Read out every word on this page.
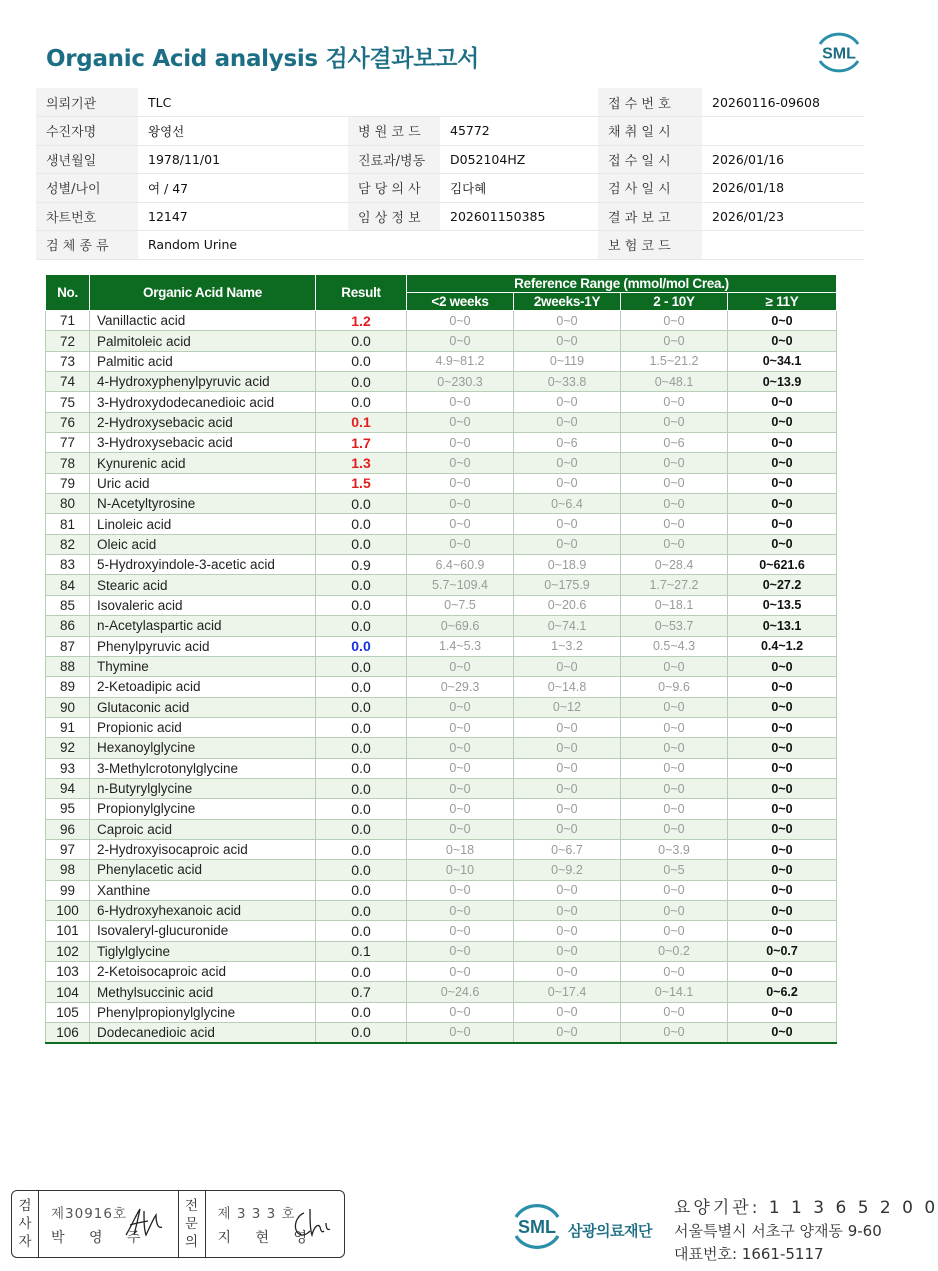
Organic Acid analysis 검사결과보고서	SML
의뢰기관	TLC			접 수 번 호	20260116-09608
수진자명	왕영선	병 원 코 드	45772	채 취 일 시	
생년월일	1978/11/01	진료과/병동	D052104HZ	접 수 일 시	2026/01/16
성별/나이	여 / 47	담 당 의 사	김다혜	검 사 일 시	2026/01/18
차트번호	12147	임 상 정 보	202601150385	결 과 보 고	2026/01/23
검 체 종 류	Random Urine			보 험 코 드	
No.	Organic Acid Name	Result	Reference Range (mmol/mol Crea.)			
			<2 weeks	2weeks-1Y	2 - 10Y	≥ 11Y
71	Vanillactic acid	1.2	0~0	0~0	0~0	0~0
72	Palmitoleic acid	0.0	0~0	0~0	0~0	0~0
73	Palmitic acid	0.0	4.9~81.2	0~119	1.5~21.2	0~34.1
74	4-Hydroxyphenylpyruvic acid	0.0	0~230.3	0~33.8	0~48.1	0~13.9
75	3-Hydroxydodecanedioic acid	0.0	0~0	0~0	0~0	0~0
76	2-Hydroxysebacic acid	0.1	0~0	0~0	0~0	0~0
77	3-Hydroxysebacic acid	1.7	0~0	0~6	0~6	0~0
78	Kynurenic acid	1.3	0~0	0~0	0~0	0~0
79	Uric acid	1.5	0~0	0~0	0~0	0~0
80	N-Acetyltyrosine	0.0	0~0	0~6.4	0~0	0~0
81	Linoleic acid	0.0	0~0	0~0	0~0	0~0
82	Oleic acid	0.0	0~0	0~0	0~0	0~0
83	5-Hydroxyindole-3-acetic acid	0.9	6.4~60.9	0~18.9	0~28.4	0~621.6
84	Stearic acid	0.0	5.7~109.4	0~175.9	1.7~27.2	0~27.2
85	Isovaleric acid	0.0	0~7.5	0~20.6	0~18.1	0~13.5
86	n-Acetylaspartic acid	0.0	0~69.6	0~74.1	0~53.7	0~13.1
87	Phenylpyruvic acid	0.0	1.4~5.3	1~3.2	0.5~4.3	0.4~1.2
88	Thymine	0.0	0~0	0~0	0~0	0~0
89	2-Ketoadipic acid	0.0	0~29.3	0~14.8	0~9.6	0~0
90	Glutaconic acid	0.0	0~0	0~12	0~0	0~0
91	Propionic acid	0.0	0~0	0~0	0~0	0~0
92	Hexanoylglycine	0.0	0~0	0~0	0~0	0~0
93	3-Methylcrotonylglycine	0.0	0~0	0~0	0~0	0~0
94	n-Butyrylglycine	0.0	0~0	0~0	0~0	0~0
95	Propionylglycine	0.0	0~0	0~0	0~0	0~0
96	Caproic acid	0.0	0~0	0~0	0~0	0~0
97	2-Hydroxyisocaproic acid	0.0	0~18	0~6.7	0~3.9	0~0
98	Phenylacetic acid	0.0	0~10	0~9.2	0~5	0~0
99	Xanthine	0.0	0~0	0~0	0~0	0~0
100	6-Hydroxyhexanoic acid	0.0	0~0	0~0	0~0	0~0
101	Isovaleryl-glucuronide	0.0	0~0	0~0	0~0	0~0
102	Tiglylglycine	0.1	0~0	0~0	0~0.2	0~0.7
103	2-Ketoisocaproic acid	0.0	0~0	0~0	0~0	0~0
104	Methylsuccinic acid	0.7	0~24.6	0~17.4	0~14.1	0~6.2
105	Phenylpropionylglycine	0.0	0~0	0~0	0~0	0~0
106	Dodecanedioic acid	0.0	0~0	0~0	0~0	0~0
검
사
자
제30916호
박 영 주
전
문
의
제 3 3 3 호
지 현 영
SML 삼광의료재단
요양기관: 1 1 3 6 5 2 0 0
서울특별시 서초구 양재동 9-60
대표번호: 1661-5117
